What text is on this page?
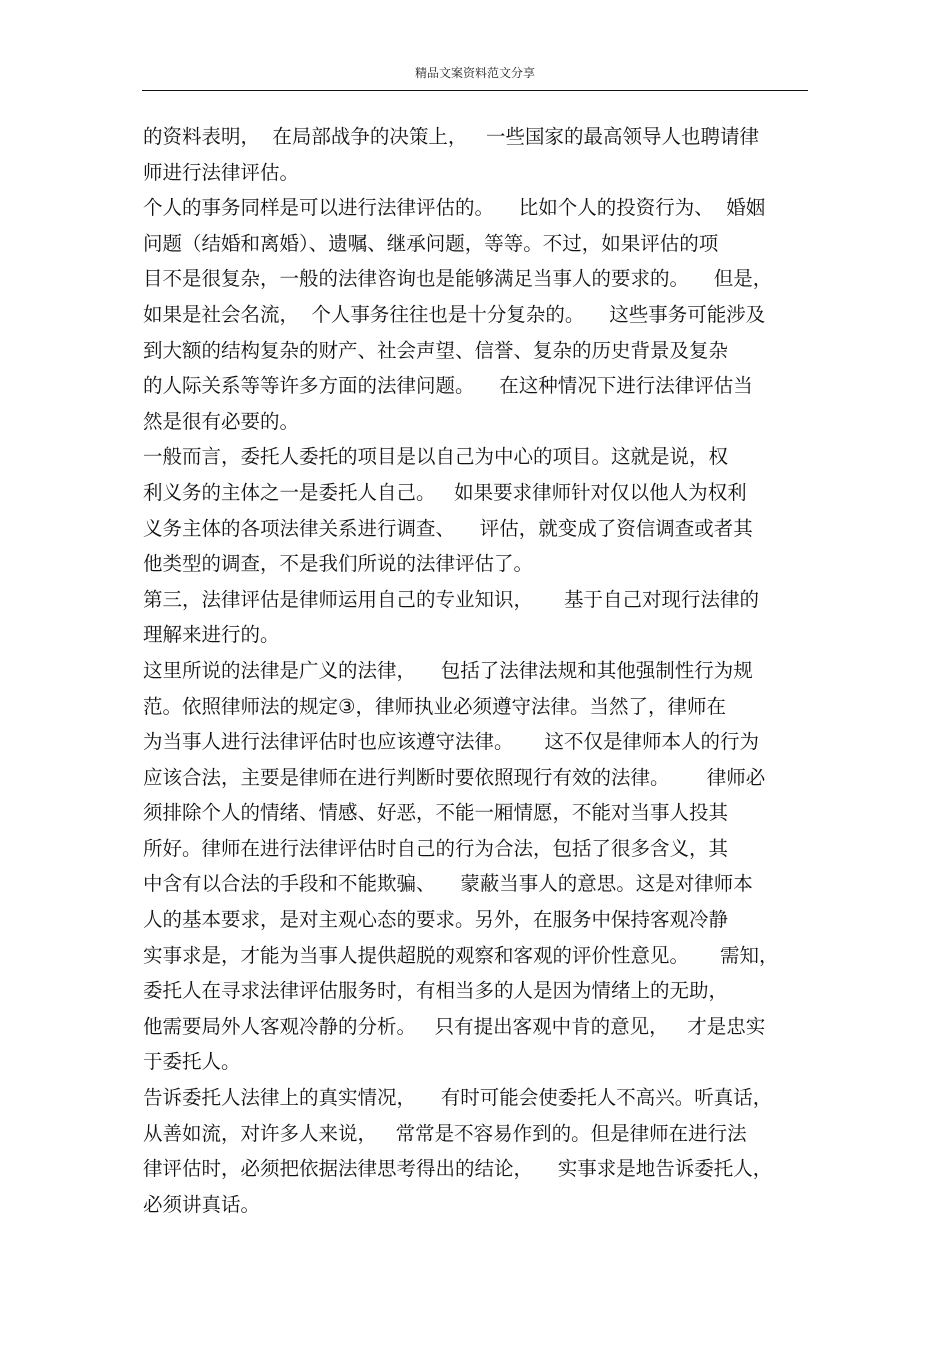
精品文案资料范文分享
的资料表明，  在局部战争的决策上，   一些国家的最高领导人也聘请律
师进行法律评估。
个人的事务同样是可以进行法律评估的。    比如个人的投资行为、  婚姻
问题（结婚和离婚）、遗嘱、继承问题，等等。不过，如果评估的项
目不是很复杂，一般的法律咨询也是能够满足当事人的要求的。    但是，
如果是社会名流，  个人事务往往也是十分复杂的。    这些事务可能涉及
到大额的结构复杂的财产、社会声望、信誉、复杂的历史背景及复杂
的人际关系等等许多方面的法律问题。    在这种情况下进行法律评估当
然是很有必要的。
一般而言，委托人委托的项目是以自己为中心的项目。这就是说，权
利义务的主体之一是委托人自己。   如果要求律师针对仅以他人为权利
义务主体的各项法律关系进行调查、    评估，就变成了资信调查或者其
他类型的调查，不是我们所说的法律评估了。
第三，法律评估是律师运用自己的专业知识，     基于自己对现行法律的
理解来进行的。
这里所说的法律是广义的法律，    包括了法律法规和其他强制性行为规
范。依照律师法的规定③，律师执业必须遵守法律。当然了，律师在
为当事人进行法律评估时也应该遵守法律。     这不仅是律师本人的行为
应该合法，主要是律师在进行判断时要依照现行有效的法律。      律师必
须排除个人的情绪、情感、好恶，不能一厢情愿，不能对当事人投其
所好。律师在进行法律评估时自己的行为合法，包括了很多含义，其
中含有以合法的手段和不能欺骗、    蒙蔽当事人的意思。这是对律师本
人的基本要求，是对主观心态的要求。另外，在服务中保持客观冷静
实事求是，才能为当事人提供超脱的观察和客观的评价性意见。     需知，
委托人在寻求法律评估服务时，有相当多的人是因为情绪上的无助，
他需要局外人客观冷静的分析。   只有提出客观中肯的意见，   才是忠实
于委托人。
告诉委托人法律上的真实情况，    有时可能会使委托人不高兴。听真话，
从善如流，对许多人来说，   常常是不容易作到的。但是律师在进行法
律评估时，必须把依据法律思考得出的结论，    实事求是地告诉委托人，
必须讲真话。
